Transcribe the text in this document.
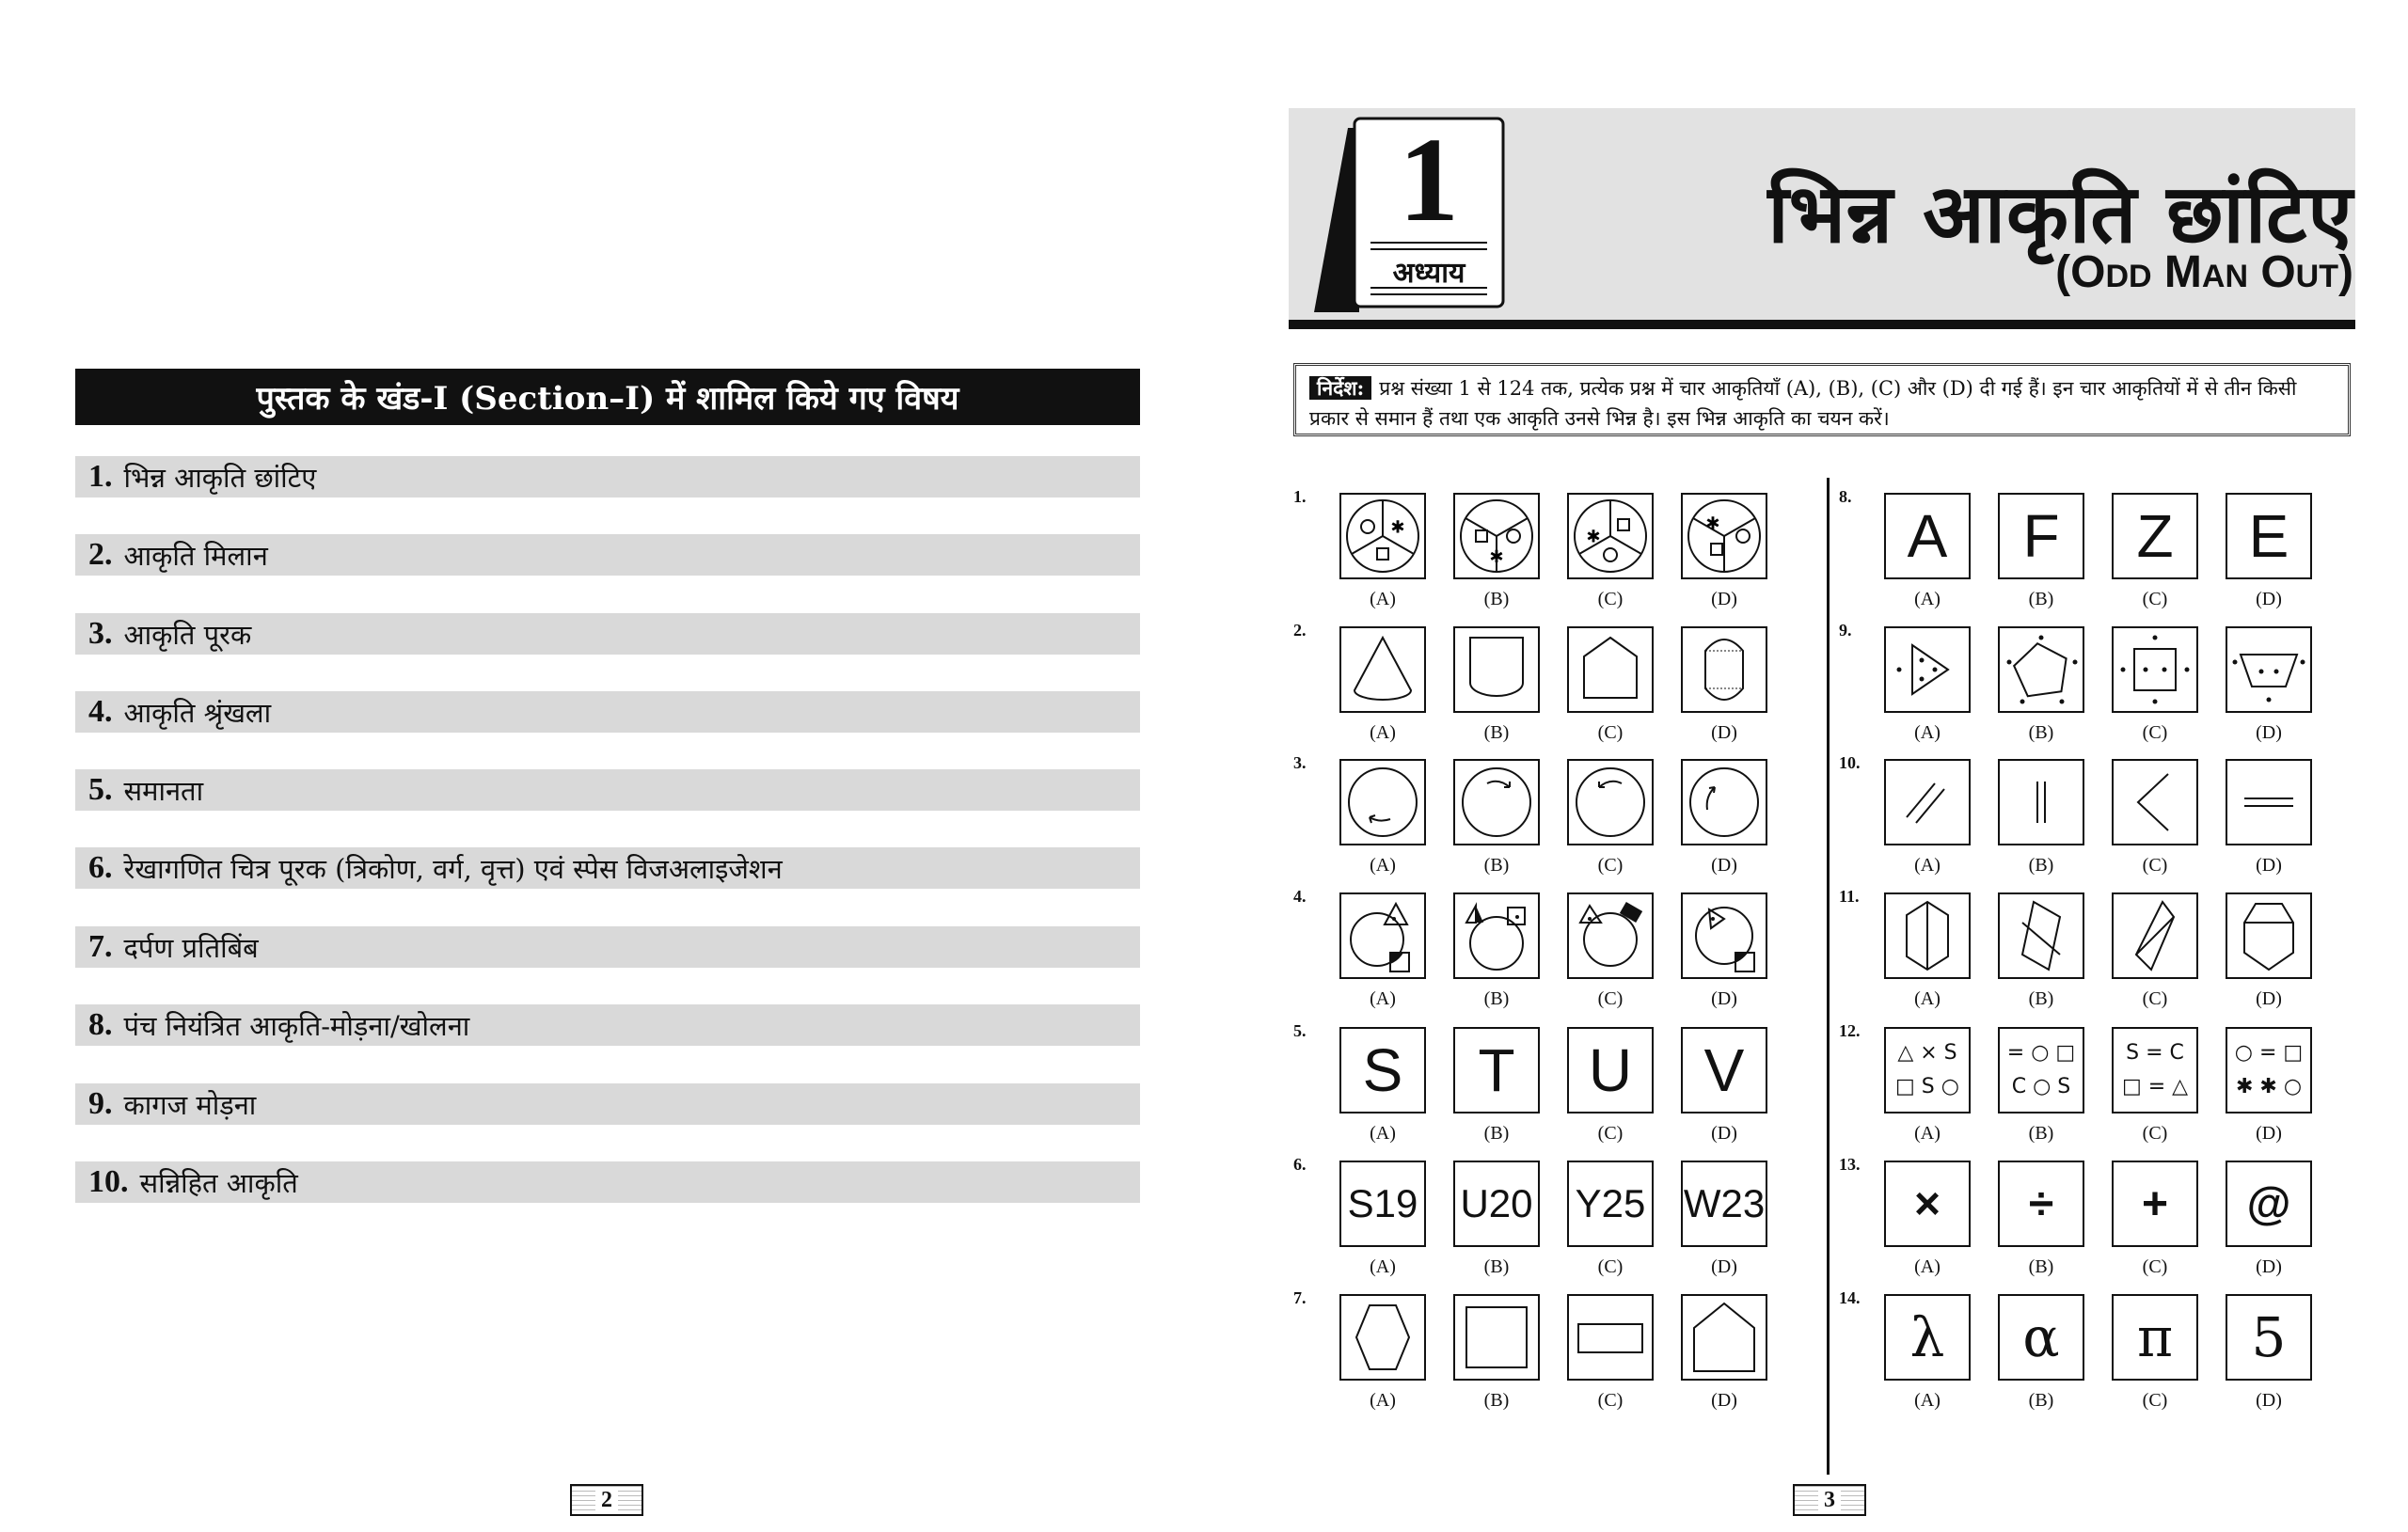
पुस्तक के खंड-I (Section–I) में शामिल किये गए विषय
1. भिन्न आकृति छांटिए
2. आकृति मिलान
3. आकृति पूरक
4. आकृति श्रृंखला
5. समानता
6. रेखागणित चित्र पूरक (त्रिकोण, वर्ग, वृत्त) एवं स्पेस विजअलाइजेशन
7. दर्पण प्रतिबिंब
8. पंच नियंत्रित आकृति-मोड़ना/खोलना
9. कागज मोड़ना
10. सन्निहित आकृति
2
1
अध्याय
भिन्न आकृति छांटिए
(Odd Man Out)
निर्देश: प्रश्न संख्या 1 से 124 तक, प्रत्येक प्रश्न में चार आकृतियाँ (A), (B), (C) और (D) दी गई हैं। इन चार आकृतियों में से तीन किसी प्रकार से समान हैं तथा एक आकृति उनसे भिन्न है। इस भिन्न आकृति का चयन करें।
1.
✱
(A)
✱
(B)
✱
(C)
✱
(D)
2.
(A)	(B)	(C)	(D)
3.
(A)	(B)	(C)	(D)
4.
(A)	(B)	(C)	(D)
5.
S
(A)
T
(B)
U
(C)
V
(D)
6.
S19
(A)
U20
(B)
Y25
(C)
W23
(D)
7.
(A)	(B)	(C)	(D)
8.
A
(A)
F
(B)
Z
(C)
E
(D)
9.
(A)	(B)	(C)	(D)
10.
(A)	(B)	(C)	(D)
11.
(A)	(B)	(C)	(D)
12.
△ × S
□ S ○
(A)
= ○ □
C ○ S
(B)
S = C
□ = △
(C)
○ = □
✱ ✱ ○
(D)
13.
×
(A)
÷
(B)
+
(C)
@
(D)
14.
λ
(A)
α
(B)
π
(C)
5
(D)
3
